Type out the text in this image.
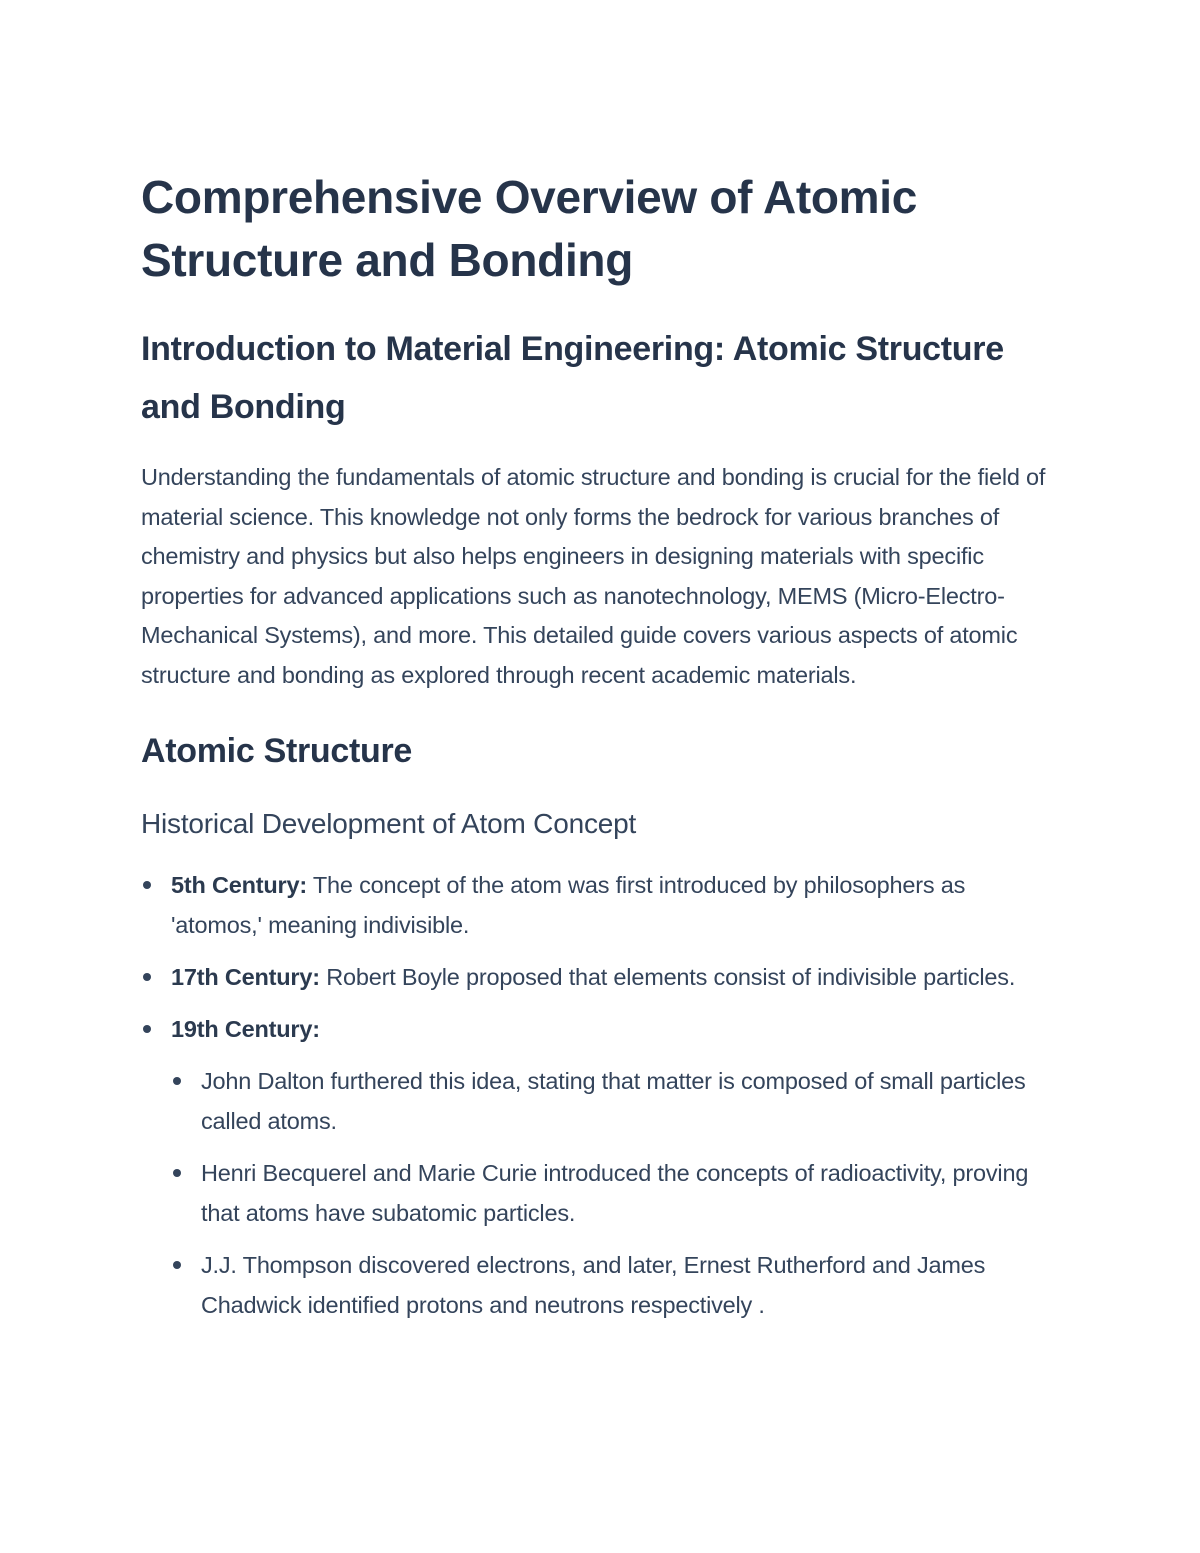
Comprehensive Overview of Atomic Structure and Bonding
Introduction to Material Engineering: Atomic Structure and Bonding

Understanding the fundamentals of atomic structure and bonding is crucial for the field of material science. This knowledge not only forms the bedrock for various branches of chemistry and physics but also helps engineers in designing materials with specific properties for advanced applications such as nanotechnology, MEMS (Micro-Electro-Mechanical Systems), and more. This detailed guide covers various aspects of atomic structure and bonding as explored through recent academic materials.

Atomic Structure
Historical Development of Atom Concept
5th Century: The concept of the atom was first introduced by philosophers as 'atomos,' meaning indivisible.
17th Century: Robert Boyle proposed that elements consist of indivisible particles.
19th Century:
John Dalton furthered this idea, stating that matter is composed of small particles called atoms.
Henri Becquerel and Marie Curie introduced the concepts of radioactivity, proving that atoms have subatomic particles.
J.J. Thompson discovered electrons, and later, Ernest Rutherford and James Chadwick identified protons and neutrons respectively .
